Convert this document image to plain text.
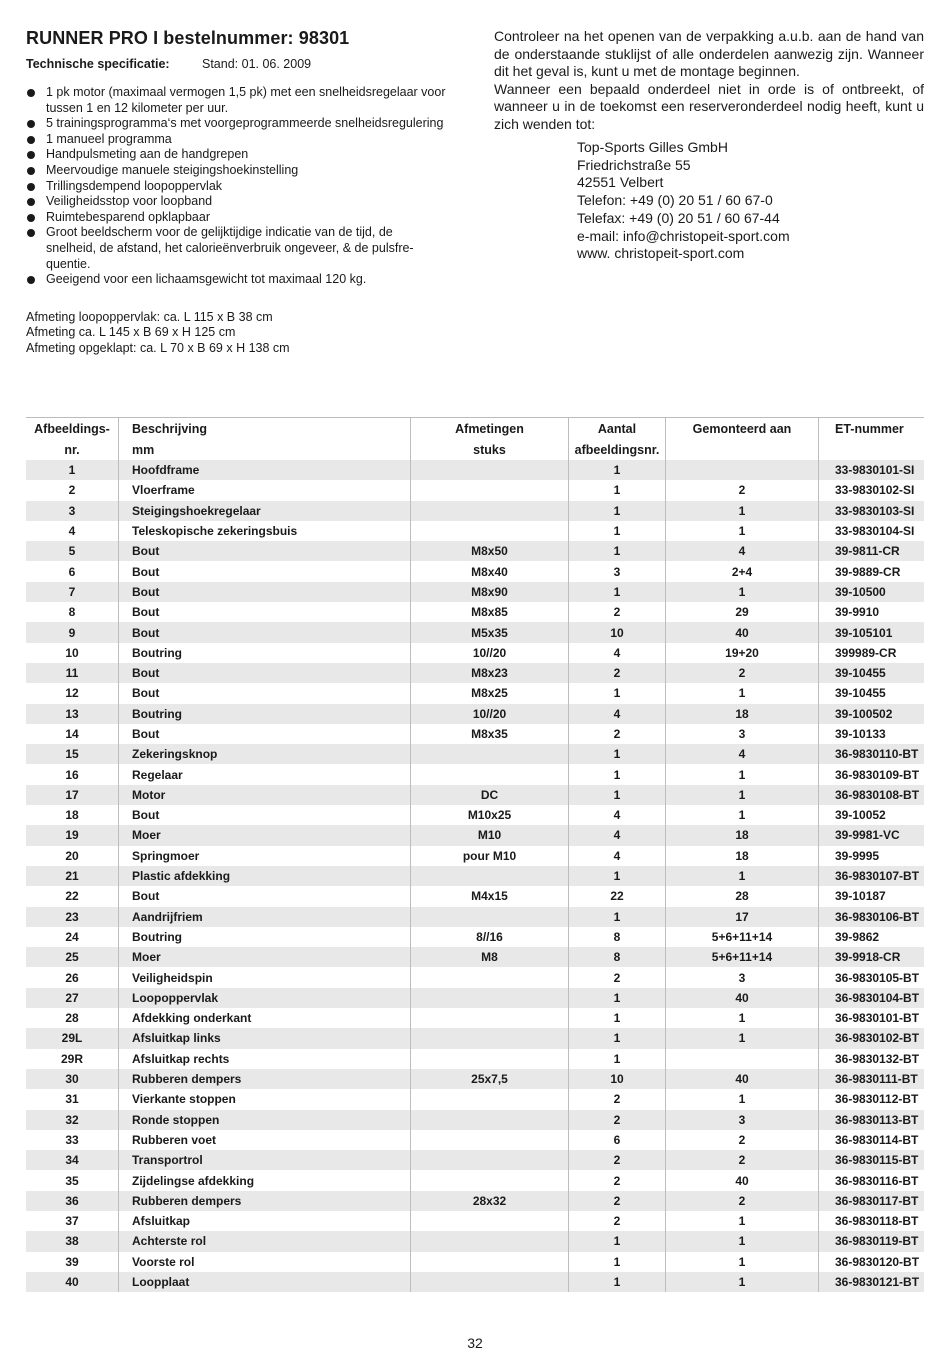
RUNNER PRO I bestelnummer: 98301
Technische specificatie:	Stand: 01. 06. 2009
1 pk motor (maximaal vermogen 1,5 pk) met een snelheidsregelaar voor tussen 1 en 12 kilometer per uur.
5 trainingsprogramma‘s met voorgeprogrammeerde snelheidsregulering
1 manueel programma
Handpulsmeting aan de handgrepen
Meervoudige manuele steigingshoekinstelling
Trillingsdempend loopoppervlak
Veiligheidsstop voor loopband
Ruimtebesparend opklapbaar
Groot beeldscherm voor de gelijktijdige indicatie van de tijd, de snelheid, de afstand, het calorieënverbruik ongeveer, & de pulsfre- quentie.
Geeigend voor een lichaamsgewicht tot maximaal 120 kg.
Afmeting loopoppervlak: ca. L 115 x B 38 cm
Afmeting ca. L 145 x B 69 x H 125 cm
Afmeting opgeklapt: ca. L 70 x B 69 x H 138 cm

Controleer na het openen van de verpakking a.u.b. aan de hand van de onderstaande stuklijst of alle onderdelen aanwezig zijn. Wanneer dit het geval is, kunt u met de montage beginnen.

Wanneer een bepaald onderdeel niet in orde is of ontbreekt, of wanneer u in de toekomst een reserveronderdeel nodig heeft, kunt u zich wenden tot:

Top-Sports Gilles GmbH
Friedrichstraße 55
42551 Velbert
Telefon: +49 (0) 20 51 / 60 67-0
Telefax: +49 (0) 20 51 / 60 67-44
e-mail: info@christopeit-sport.com
www. christopeit-sport.com
Afbeeldings-	Beschrijving	Afmetingen	Aantal	Gemonteerd aan	ET-nummer
nr.	mm	stuks	afbeeldingsnr.		
1	Hoofdframe		1		33-9830101-SI
2	Vloerframe		1	2	33-9830102-SI
3	Steigingshoekregelaar		1	1	33-9830103-SI
4	Teleskopische zekeringsbuis		1	1	33-9830104-SI
5	Bout	M8x50	1	4	39-9811-CR
6	Bout	M8x40	3	2+4	39-9889-CR
7	Bout	M8x90	1	1	39-10500
8	Bout	M8x85	2	29	39-9910
9	Bout	M5x35	10	40	39-105101
10	Boutring	10//20	4	19+20	399989-CR
11	Bout	M8x23	2	2	39-10455
12	Bout	M8x25	1	1	39-10455
13	Boutring	10//20	4	18	39-100502
14	Bout	M8x35	2	3	39-10133
15	Zekeringsknop		1	4	36-9830110-BT
16	Regelaar		1	1	36-9830109-BT
17	Motor	DC	1	1	36-9830108-BT
18	Bout	M10x25	4	1	39-10052
19	Moer	M10	4	18	39-9981-VC
20	Springmoer	pour M10	4	18	39-9995
21	Plastic afdekking		1	1	36-9830107-BT
22	Bout	M4x15	22	28	39-10187
23	Aandrijfriem		1	17	36-9830106-BT
24	Boutring	8//16	8	5+6+11+14	39-9862
25	Moer	M8	8	5+6+11+14	39-9918-CR
26	Veiligheidspin		2	3	36-9830105-BT
27	Loopoppervlak		1	40	36-9830104-BT
28	Afdekking onderkant		1	1	36-9830101-BT
29L	Afsluitkap links		1	1	36-9830102-BT
29R	Afsluitkap rechts		1		36-9830132-BT
30	Rubberen dempers	25x7,5	10	40	36-9830111-BT
31	Vierkante stoppen		2	1	36-9830112-BT
32	Ronde stoppen		2	3	36-9830113-BT
33	Rubberen voet		6	2	36-9830114-BT
34	Transportrol		2	2	36-9830115-BT
35	Zijdelingse afdekking		2	40	36-9830116-BT
36	Rubberen dempers	28x32	2	2	36-9830117-BT
37	Afsluitkap		2	1	36-9830118-BT
38	Achterste rol		1	1	36-9830119-BT
39	Voorste rol		1	1	36-9830120-BT
40	Loopplaat		1	1	36-9830121-BT
32
